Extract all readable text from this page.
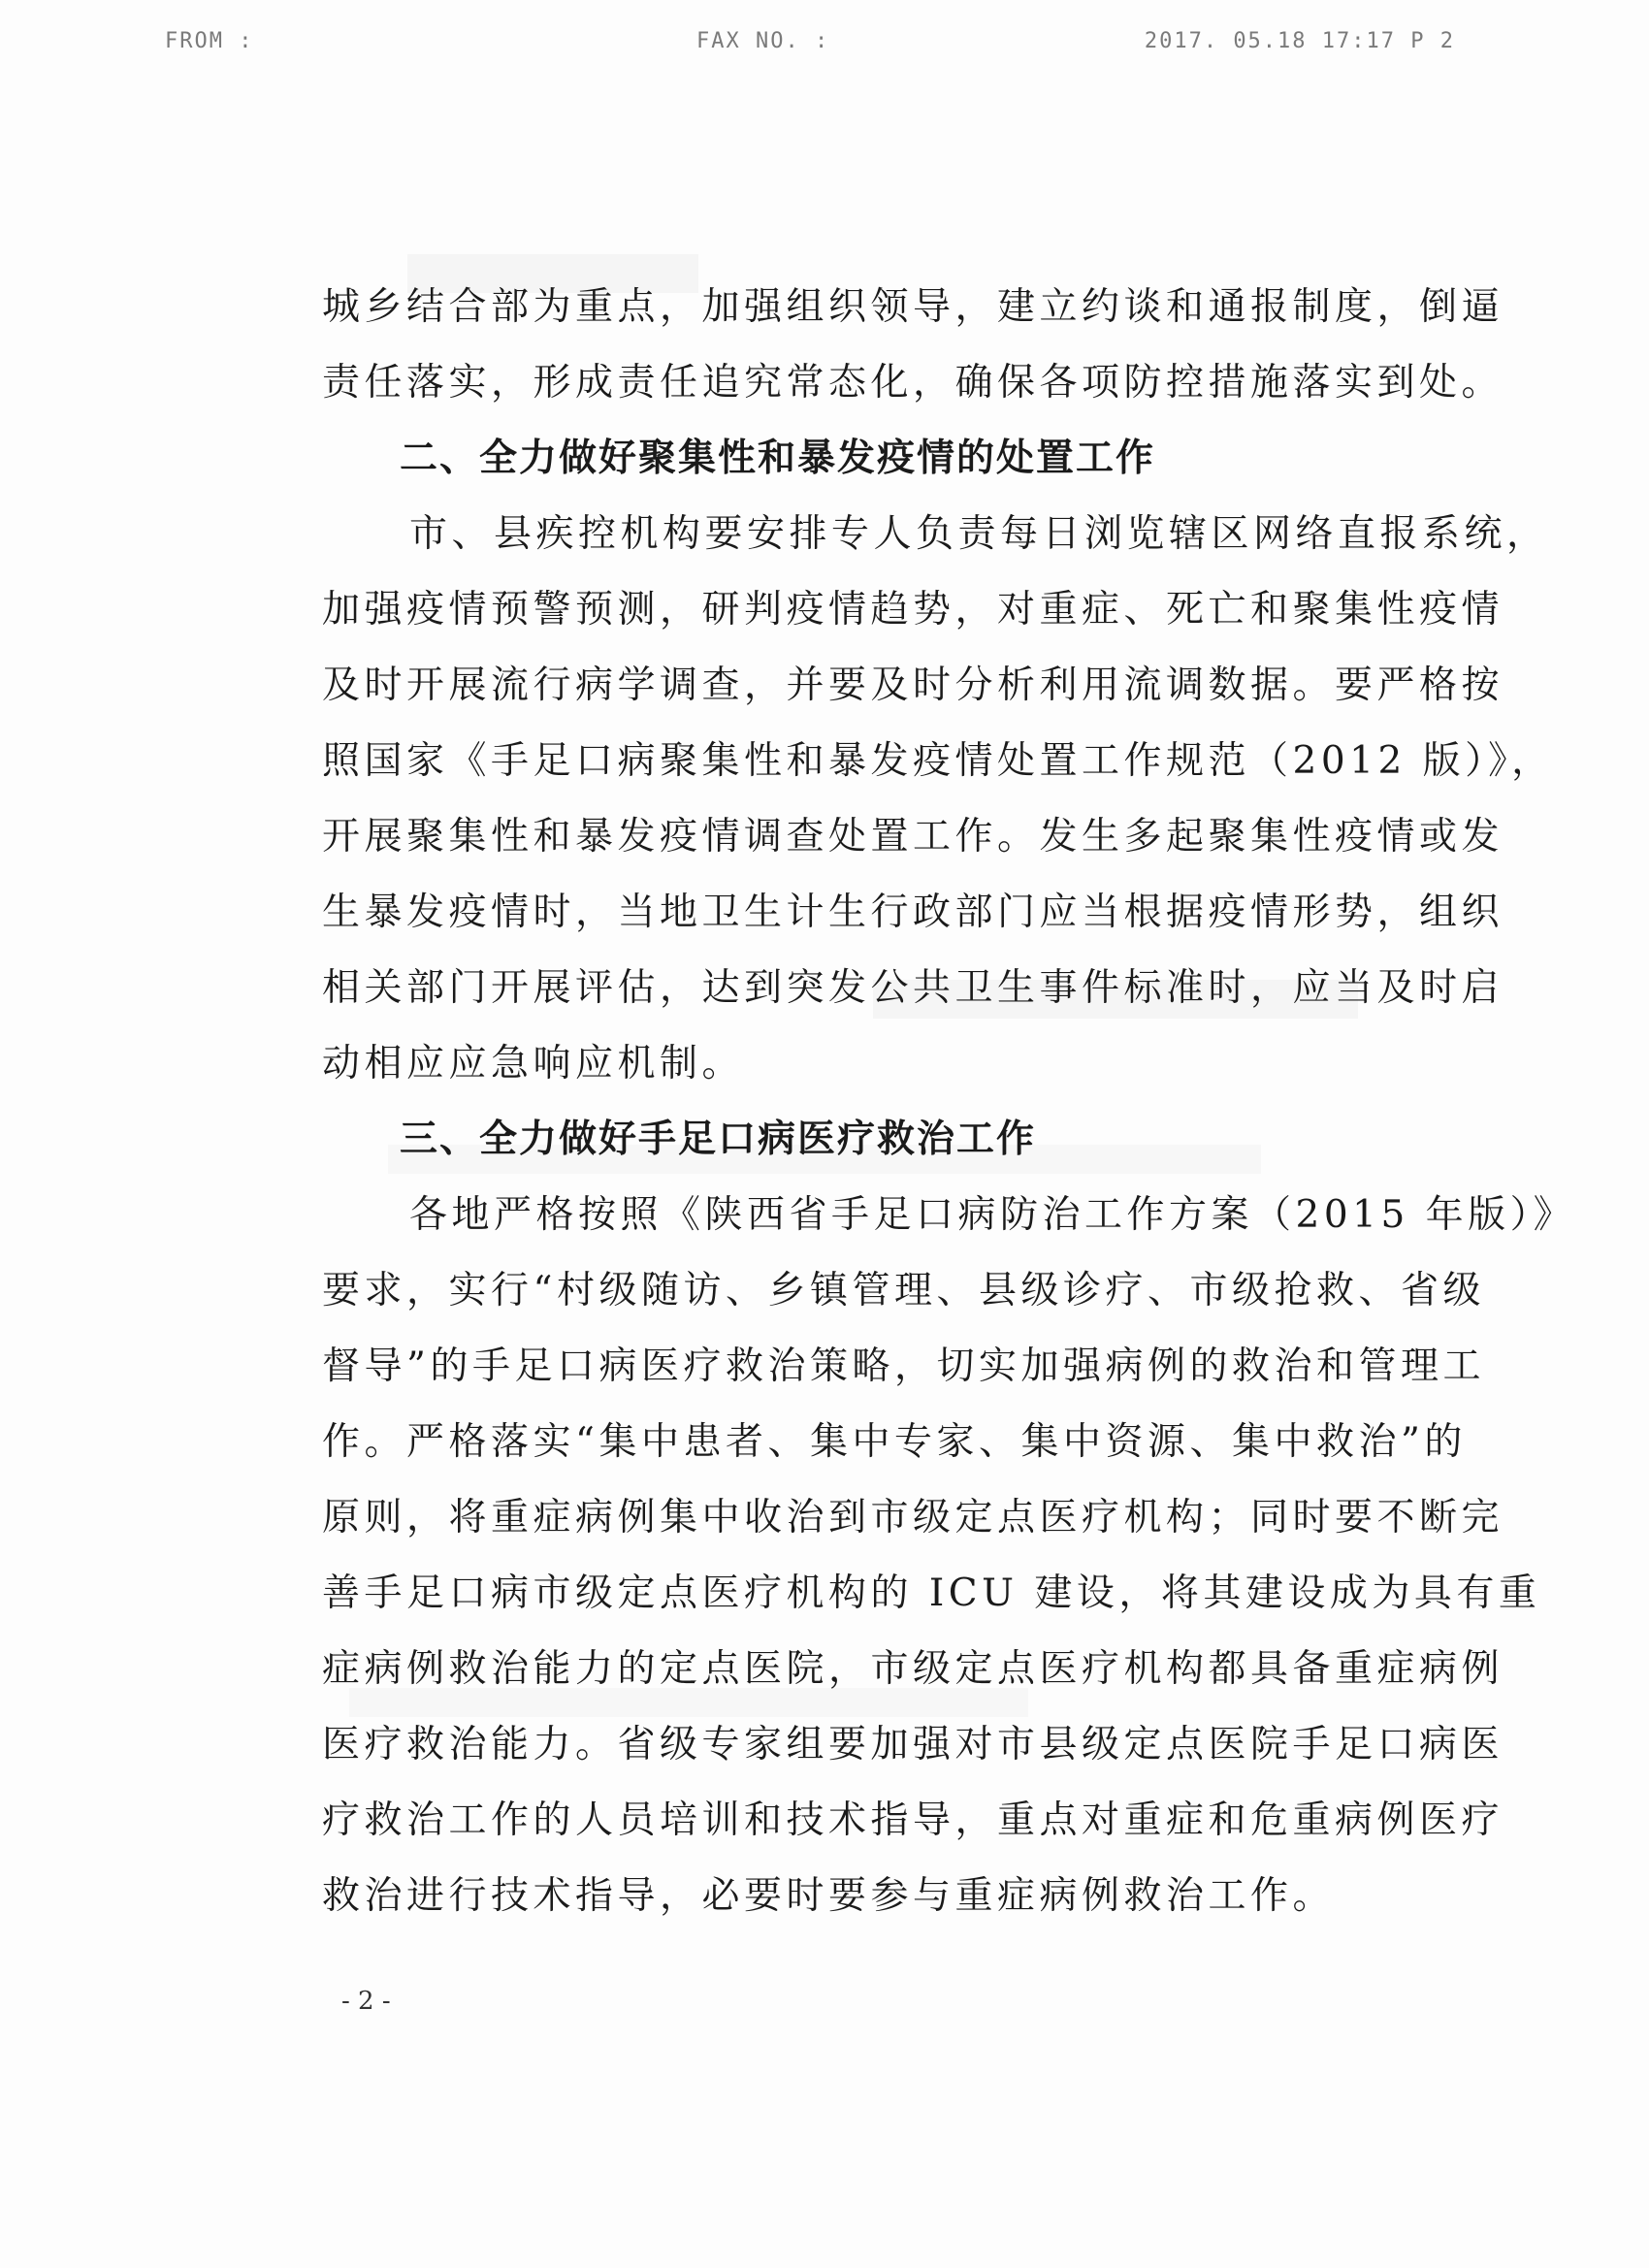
FROM :	FAX NO. :	2017. 05.18 17:17 P 2
城乡结合部为重点，加强组织领导，建立约谈和通报制度，倒逼
责任落实，形成责任追究常态化，确保各项防控措施落实到处。
二、全力做好聚集性和暴发疫情的处置工作
市、县疾控机构要安排专人负责每日浏览辖区网络直报系统，
加强疫情预警预测，研判疫情趋势，对重症、死亡和聚集性疫情
及时开展流行病学调查，并要及时分析利用流调数据。要严格按
照国家《手足口病聚集性和暴发疫情处置工作规范（2012 版）》，
开展聚集性和暴发疫情调查处置工作。发生多起聚集性疫情或发
生暴发疫情时，当地卫生计生行政部门应当根据疫情形势，组织
相关部门开展评估，达到突发公共卫生事件标准时，应当及时启
动相应应急响应机制。
三、全力做好手足口病医疗救治工作
各地严格按照《陕西省手足口病防治工作方案（2015 年版）》
要求，实行“村级随访、乡镇管理、县级诊疗、市级抢救、省级
督导”的手足口病医疗救治策略，切实加强病例的救治和管理工
作。严格落实“集中患者、集中专家、集中资源、集中救治”的
原则，将重症病例集中收治到市级定点医疗机构；同时要不断完
善手足口病市级定点医疗机构的 ICU 建设，将其建设成为具有重
症病例救治能力的定点医院，市级定点医疗机构都具备重症病例
医疗救治能力。省级专家组要加强对市县级定点医院手足口病医
疗救治工作的人员培训和技术指导，重点对重症和危重病例医疗
救治进行技术指导，必要时要参与重症病例救治工作。
- 2 -
